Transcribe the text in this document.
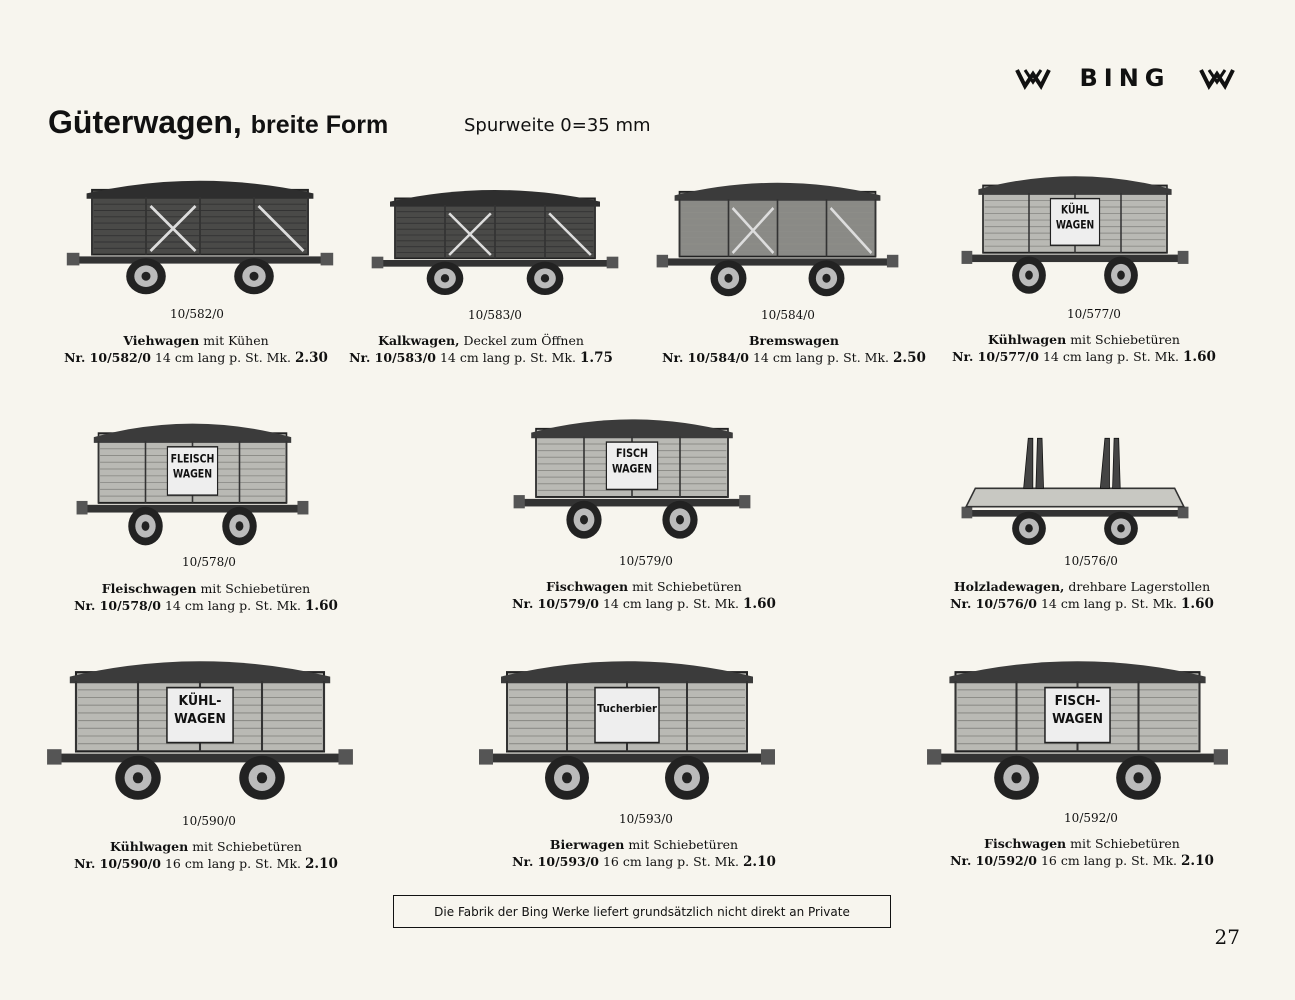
BING
Güterwagen, breite Form	Spurweite 0=35 mm
10/582/0
Viehwagen mit Kühen
Nr. 10/582/0 14 cm lang p. St. Mk. 2.30
10/583/0
Kalkwagen, Deckel zum Öffnen
Nr. 10/583/0 14 cm lang p. St. Mk. 1.75
10/584/0
Bremswagen
Nr. 10/584/0 14 cm lang p. St. Mk. 2.50
KÜHL
WAGEN
10/577/0
Kühlwagen mit Schiebetüren
Nr. 10/577/0 14 cm lang p. St. Mk. 1.60
FLEISCH
WAGEN
10/578/0
Fleischwagen mit Schiebetüren
Nr. 10/578/0 14 cm lang p. St. Mk. 1.60
FISCH
WAGEN
10/579/0
Fischwagen mit Schiebetüren
Nr. 10/579/0 14 cm lang p. St. Mk. 1.60
10/576/0
Holzladewagen, drehbare Lagerstollen
Nr. 10/576/0 14 cm lang p. St. Mk. 1.60
KÜHL-
WAGEN
10/590/0
Kühlwagen mit Schiebetüren
Nr. 10/590/0 16 cm lang p. St. Mk. 2.10
Tucherbier
10/593/0
Bierwagen mit Schiebetüren
Nr. 10/593/0 16 cm lang p. St. Mk. 2.10
FISCH-
WAGEN
10/592/0
Fischwagen mit Schiebetüren
Nr. 10/592/0 16 cm lang p. St. Mk. 2.10
Die Fabrik der Bing Werke liefert grundsätzlich nicht direkt an Private
27
